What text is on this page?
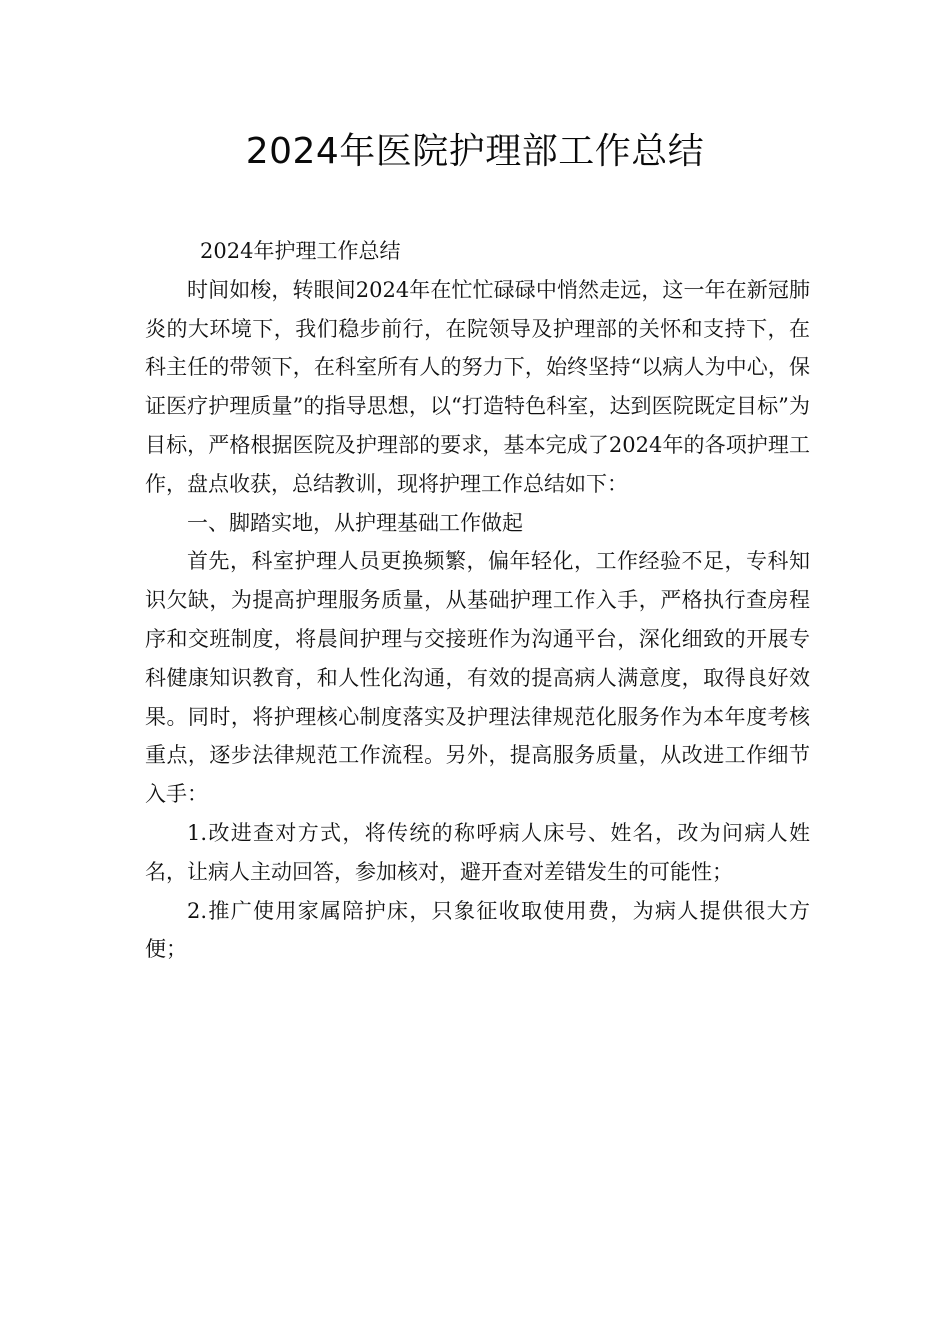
2024年医院护理部工作总结

2024年护理工作总结

时间如梭，转眼间2024年在忙忙碌碌中悄然走远，这一年在新冠肺炎的大环境下，我们稳步前行，在院领导及护理部的关怀和支持下，在科主任的带领下，在科室所有人的努力下，始终坚持“以病人为中心，保证医疗护理质量”的指导思想，以“打造特色科室，达到医院既定目标”为目标，严格根据医院及护理部的要求，基本完成了2024年的各项护理工作，盘点收获，总结教训，现将护理工作总结如下：

一、脚踏实地，从护理基础工作做起

首先，科室护理人员更换频繁，偏年轻化，工作经验不足，专科知识欠缺，为提高护理服务质量，从基础护理工作入手，严格执行查房程序和交班制度，将晨间护理与交接班作为沟通平台，深化细致的开展专科健康知识教育，和人性化沟通，有效的提高病人满意度，取得良好效果。同时，将护理核心制度落实及护理法律规范化服务作为本年度考核重点，逐步法律规范工作流程。另外，提高服务质量，从改进工作细节入手：

1.改进查对方式，将传统的称呼病人床号、姓名，改为问病人姓名，让病人主动回答，参加核对，避开查对差错发生的可能性；

2.推广使用家属陪护床，只象征收取使用费，为病人提供很大方便；
